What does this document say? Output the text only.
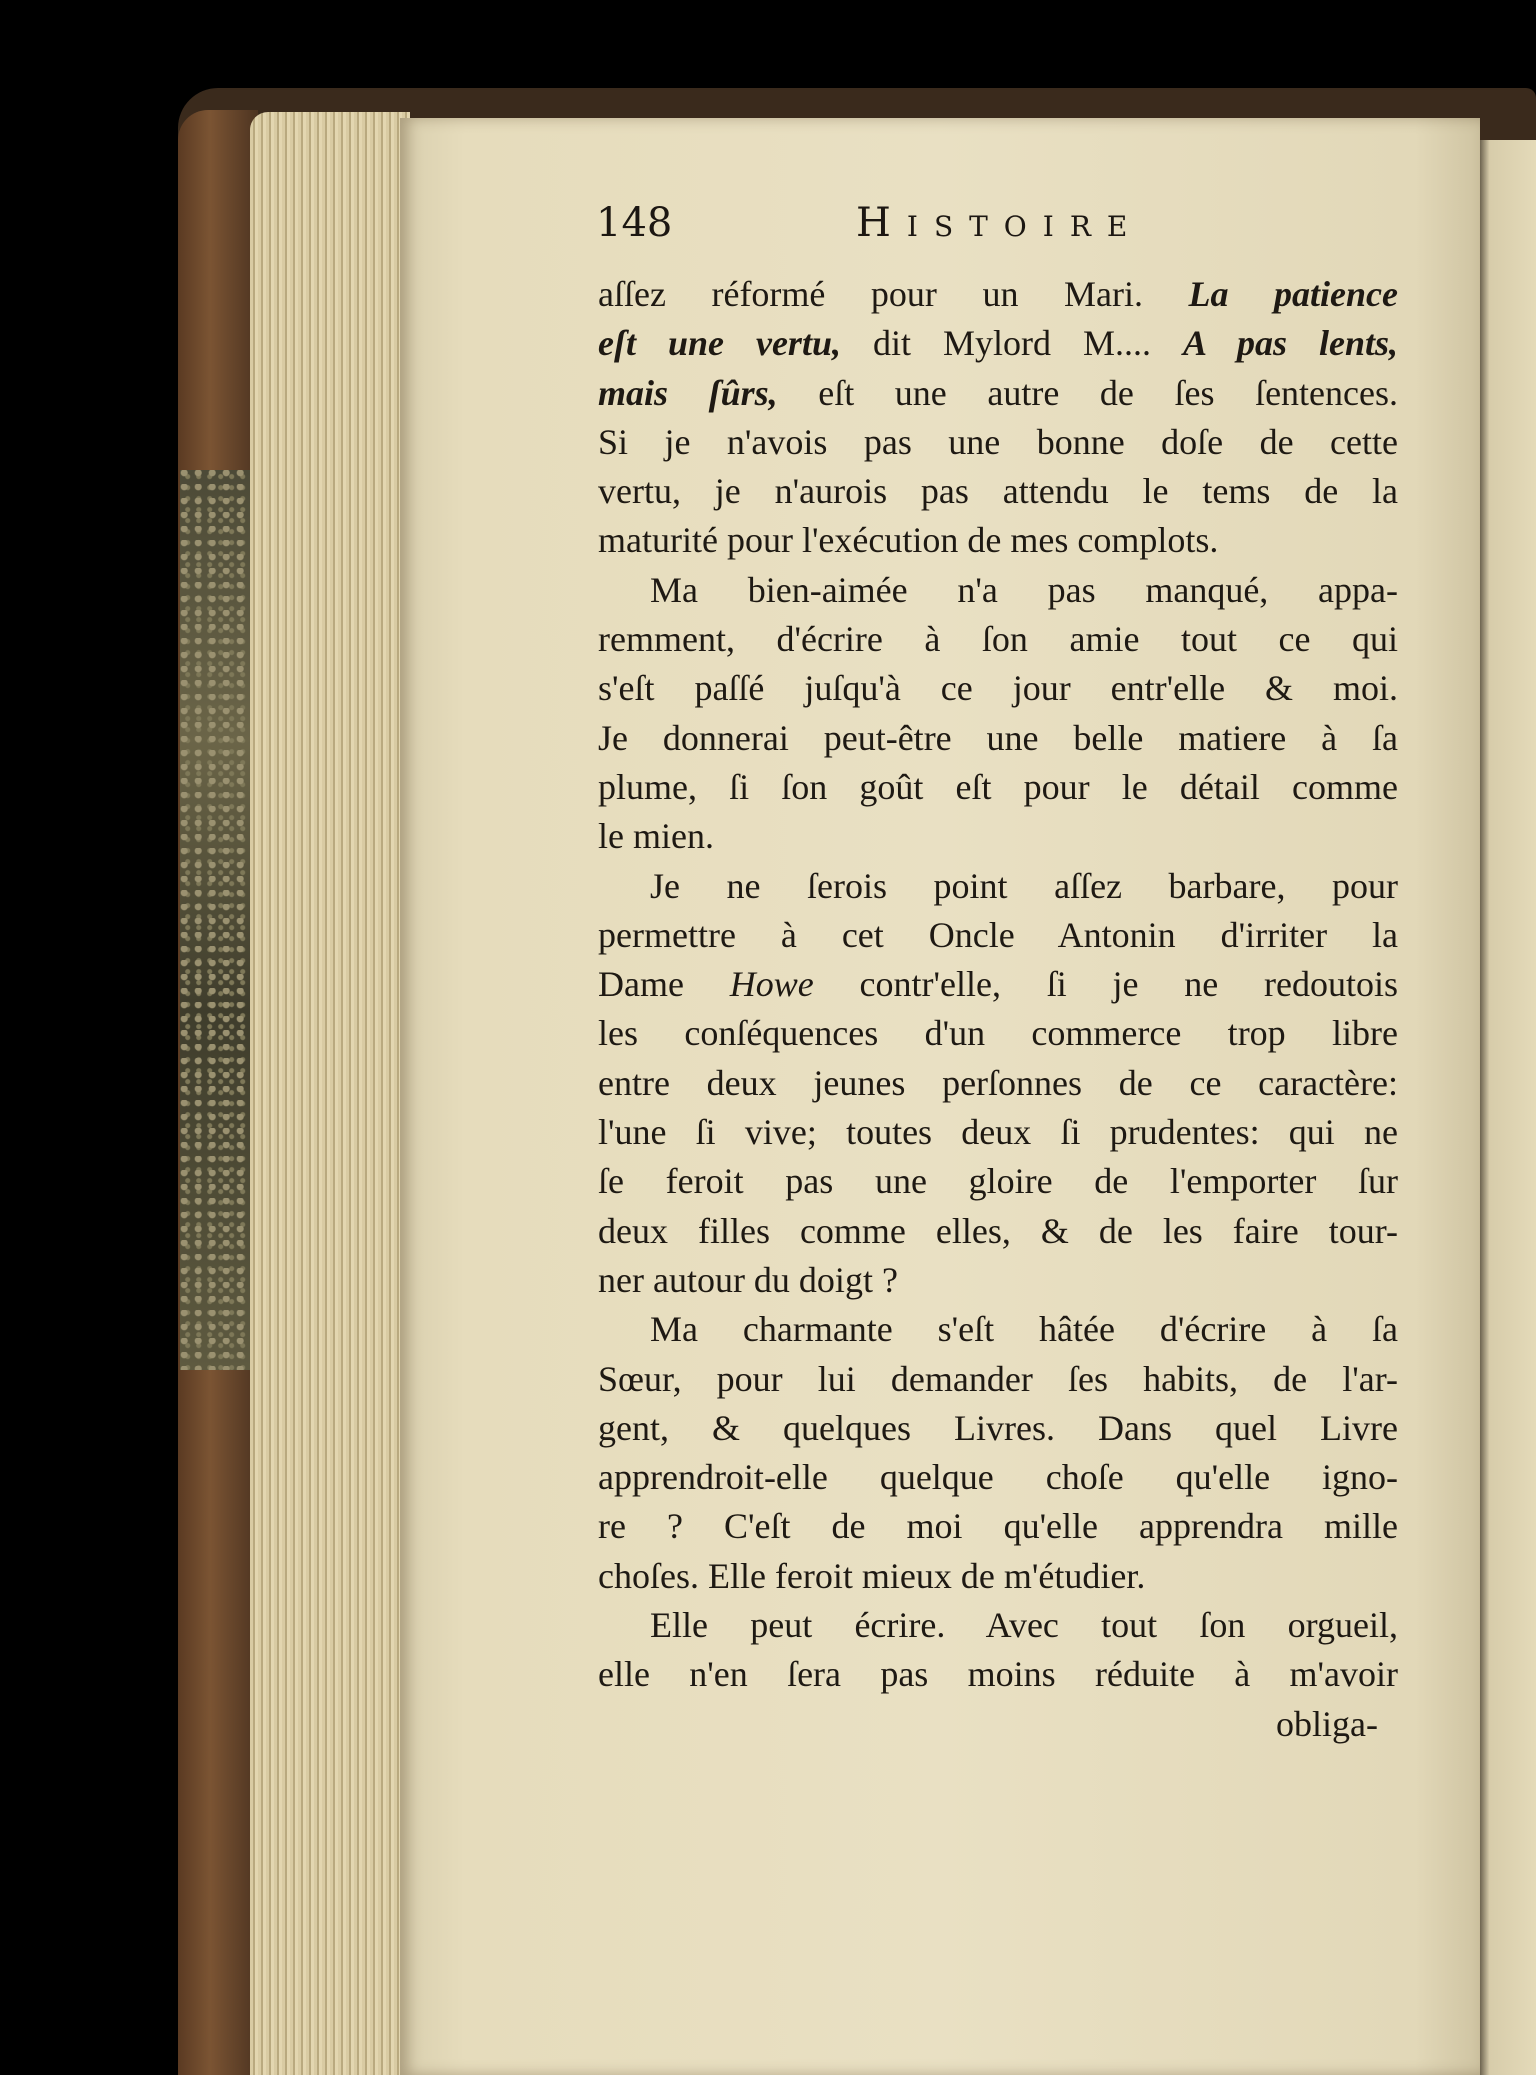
148	Histoire
aſſez réformé pour un Mari. La patience
eſt une vertu, dit Mylord M.... A pas lents,
mais ſûrs, eſt une autre de ſes ſentences.
Si je n'avois pas une bonne doſe de cette
vertu, je n'aurois pas attendu le tems de la
maturité pour l'exécution de mes complots.
Ma bien-aimée n'a pas manqué, appa-
remment, d'écrire à ſon amie tout ce qui
s'eſt paſſé juſqu'à ce jour entr'elle & moi.
Je donnerai peut-être une belle matiere à ſa
plume, ſi ſon goût eſt pour le détail comme
le mien.
Je ne ſerois point aſſez barbare, pour
permettre à cet Oncle Antonin d'irriter la
Dame Howe contr'elle, ſi je ne redoutois
les conſéquences d'un commerce trop libre
entre deux jeunes perſonnes de ce caractère:
l'une ſi vive; toutes deux ſi prudentes: qui ne
ſe feroit pas une gloire de l'emporter ſur
deux filles comme elles, & de les faire tour-
ner autour du doigt ?
Ma charmante s'eſt hâtée d'écrire à ſa
Sœur, pour lui demander ſes habits, de l'ar-
gent, & quelques Livres. Dans quel Livre
apprendroit-elle quelque choſe qu'elle igno-
re ? C'eſt de moi qu'elle apprendra mille
choſes. Elle feroit mieux de m'étudier.
Elle peut écrire. Avec tout ſon orgueil,
elle n'en ſera pas moins réduite à m'avoir
obliga-
